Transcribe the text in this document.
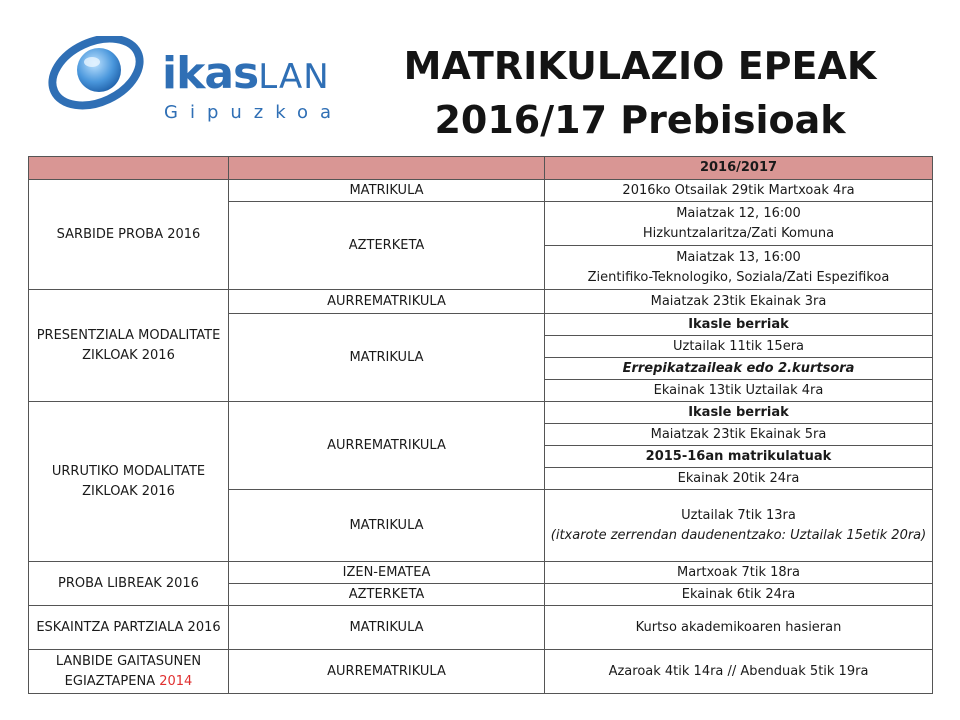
ikasLAN
Gipuzkoa
MATRIKULAZIO EPEAK
2016/17 Prebisioak
		2016/2017
SARBIDE PROBA 2016	MATRIKULA	2016ko Otsailak 29tik Martxoak 4ra
	AZTERKETA	Maiatzak 12, 16:00
Hizkuntzalaritza/Zati Komuna

		Maiatzak 13, 16:00
Zientifiko-Teknologiko, Soziala/Zati Espezifikoa

PRESENTZIALA MODALITATE ZIKLOAK 2016	AURREMATRIKULA	Maiatzak 23tik Ekainak 3ra
	MATRIKULA	Ikasle berriak
		Uztailak 11tik 15era
		Errepikatzaileak edo 2.kurtsora
		Ekainak 13tik Uztailak 4ra
URRUTIKO MODALITATE ZIKLOAK 2016	AURREMATRIKULA	Ikasle berriak
		Maiatzak 23tik Ekainak 5ra
		2015-16an matrikulatuak
		Ekainak 20tik 24ra
	MATRIKULA	Uztailak 7tik 13ra
(itxarote zerrendan daudenentzako: Uztailak 15etik 20ra)

PROBA LIBREAK 2016	IZEN-EMATEA	Martxoak 7tik 18ra
	AZTERKETA	Ekainak 6tik 24ra
ESKAINTZA PARTZIALA 2016	MATRIKULA	Kurtso akademikoaren hasieran
LANBIDE GAITASUNEN EGIAZTAPENA 2014	AURREMATRIKULA	Azaroak 4tik 14ra // Abenduak 5tik 19ra
